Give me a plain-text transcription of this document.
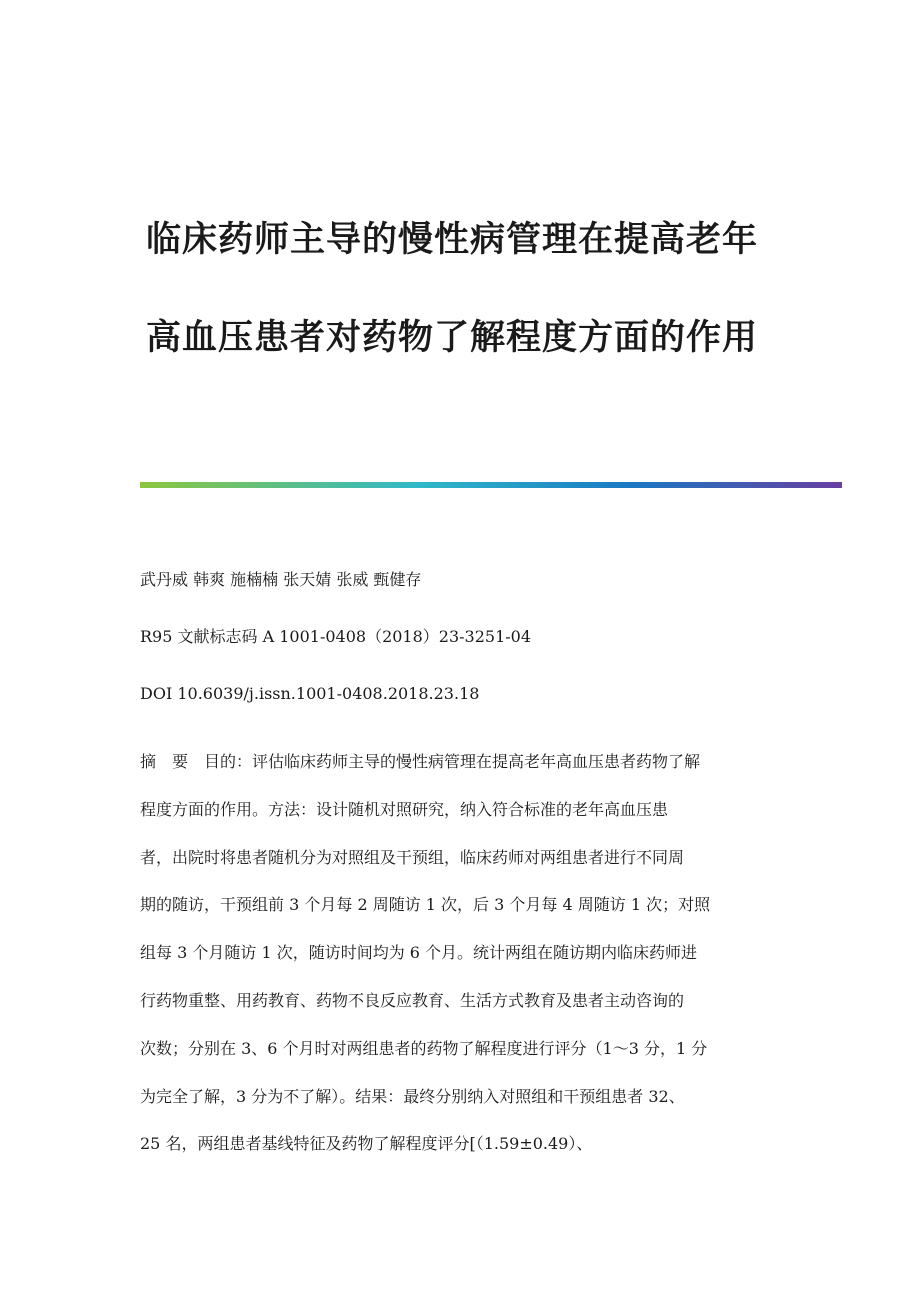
临床药师主导的慢性病管理在提高老年
高血压患者对药物了解程度方面的作用

武丹威 韩爽 施楠楠 张天婧 张威 甄健存

R95 文献标志码 A 1001-0408（2018）23-3251-04

DOI 10.6039/j.issn.1001-0408.2018.23.18

摘　要　目的：评估临床药师主导的慢性病管理在提高老年高血压患者药物了解
程度方面的作用。方法：设计随机对照研究，纳入符合标准的老年高血压患
者，出院时将患者随机分为对照组及干预组，临床药师对两组患者进行不同周
期的随访，干预组前 3 个月每 2 周随访 1 次，后 3 个月每 4 周随访 1 次；对照
组每 3 个月随访 1 次，随访时间均为 6 个月。统计两组在随访期内临床药师进
行药物重整、用药教育、药物不良反应教育、生活方式教育及患者主动咨询的
次数；分别在 3、6 个月时对两组患者的药物了解程度进行评分（1～3 分，1 分
为完全了解，3 分为不了解）。结果：最终分别纳入对照组和干预组患者 32、
25 名，两组患者基线特征及药物了解程度评分[（1.59±0.49）、
